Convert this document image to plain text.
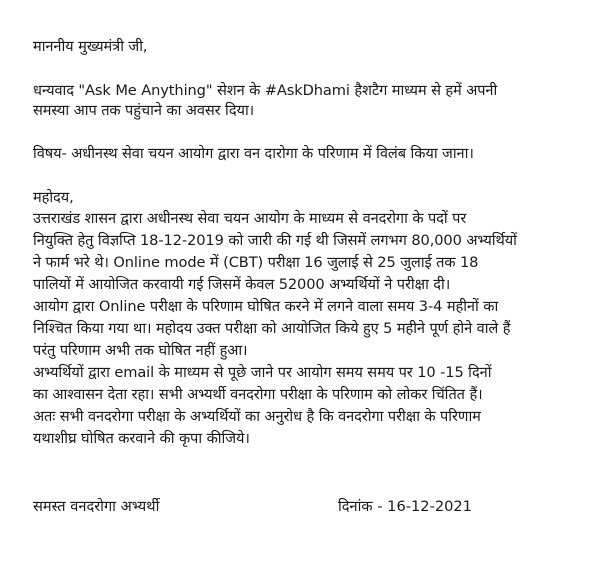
माननीय मुख्यमंत्री जी,
धन्यवाद "Ask Me Anything" सेशन के #AskDhami हैशटैग माध्यम से हमें अपनी
समस्या आप तक पहुंचाने का अवसर दिया।
विषय- अधीनस्थ सेवा चयन आयोग द्वारा वन दारोगा के परिणाम में विलंब किया जाना।
महोदय,
उत्तराखंड शासन द्वारा अधीनस्थ सेवा चयन आयोग के माध्यम से वनदरोगा के पदों पर
नियुक्ति हेतु विज्ञप्ति 18-12-2019 को जारी की गई थी जिसमें लगभग 80,000 अभ्यर्थियों
ने फार्म भरे थे। Online mode में (CBT) परीक्षा 16 जुलाई से 25 जुलाई तक 18
पालियों में आयोजित करवायी गई जिसमें केवल 52000 अभ्यर्थियों ने परीक्षा दी।
आयोग द्वारा Online परीक्षा के परिणाम घोषित करने में लगने वाला समय 3-4 महीनों का
निश्चित किया गया था। महोदय उक्त परीक्षा को आयोजित किये हुए 5 महीने पूर्ण होने वाले हैं
परंतु परिणाम अभी तक घोषित नहीं हुआ।
अभ्यर्थियों द्वारा email के माध्यम से पूछे जाने पर आयोग समय समय पर 10 -15 दिनों
का आश्वासन देता रहा। सभी अभ्यर्थी वनदरोगा परीक्षा के परिणाम को लोकर चिंतित हैं।
अतः सभी वनदरोगा परीक्षा के अभ्यर्थियों का अनुरोध है कि वनदरोगा परीक्षा के परिणाम
यथाशीघ्र घोषित करवाने की कृपा कीजिये।
समस्त वनदरोगा अभ्यर्थी	दिनांक - 16-12-2021
